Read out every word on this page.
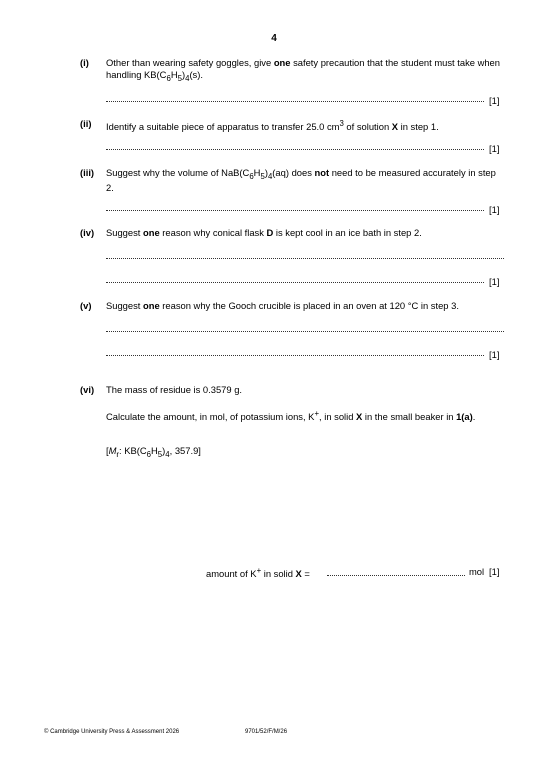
4
(i)	Other than wearing safety goggles, give one safety precaution that the student must take when handling $KB(C_6H_5)_4(s)$.
[1]
(ii)	Identify a suitable piece of apparatus to transfer 25.0 $cm^3$ of solution X in step 1.
[1]
(iii)	Suggest why the volume of $NaB(C_6H_5)_4(aq)$ does not need to be measured accurately in step 2.
[1]
(iv)	Suggest one reason why conical flask D is kept cool in an ice bath in step 2.
[1]
(v)	Suggest one reason why the Gooch crucible is placed in an oven at 120 °C in step 3.
[1]
(vi)	The mass of residue is 0.3579 g.
Calculate the amount, in mol, of potassium ions, K+, in solid X in the small beaker in 1(a).
[$M_r$: $KB(C_6H_5)_4$, 357.9]
amount of K+ in solid X =	mol [1]
© Cambridge University Press & Assessment 2026	9701/52/F/M/26
